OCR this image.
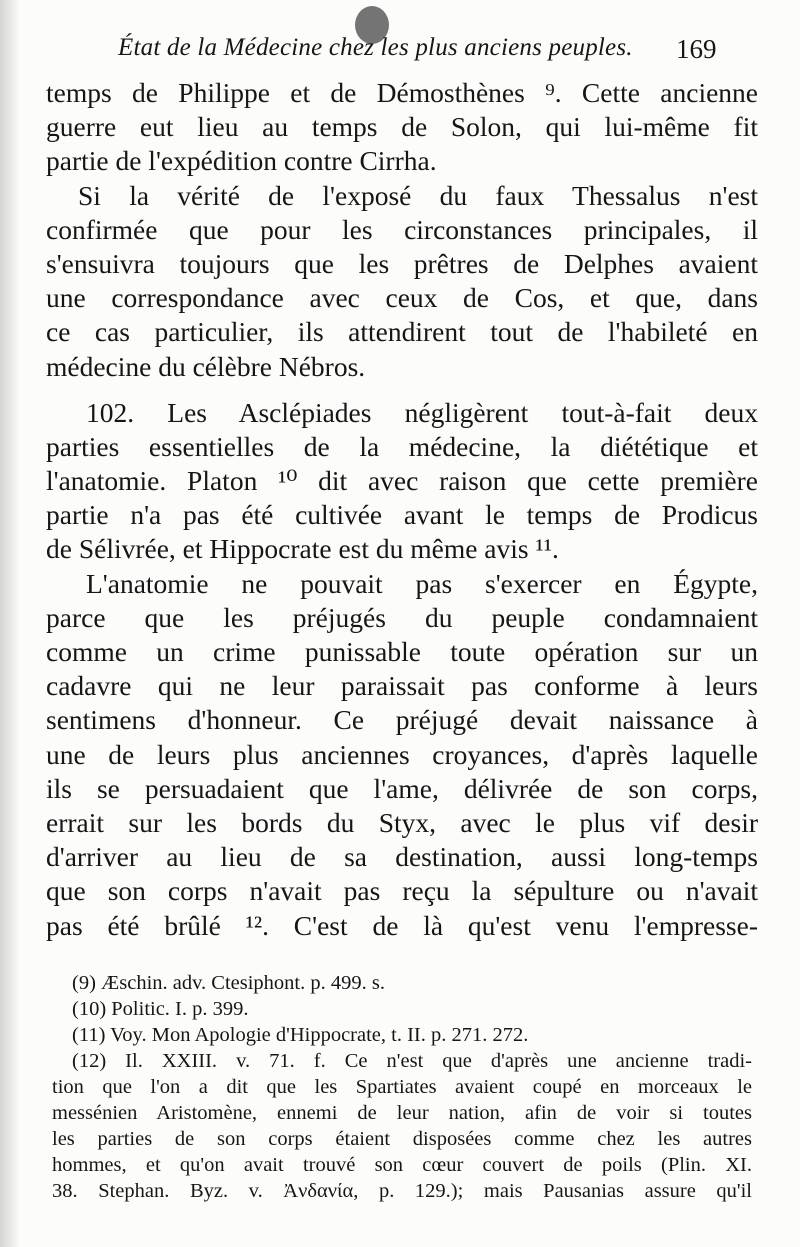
État de la Médecine chez les plus anciens peuples. 169
temps de Philippe et de Démosthènes ⁹. Cette ancienne
guerre eut lieu au temps de Solon, qui lui-même fit
partie de l'expédition contre Cirrha.
Si la vérité de l'exposé du faux Thessalus n'est
confirmée que pour les circonstances principales, il
s'ensuivra toujours que les prêtres de Delphes avaient
une correspondance avec ceux de Cos, et que, dans
ce cas particulier, ils attendirent tout de l'habileté en
médecine du célèbre Nébros.
102. Les Asclépiades négligèrent tout-à-fait deux
parties essentielles de la médecine, la diététique et
l'anatomie. Platon ¹⁰ dit avec raison que cette première
partie n'a pas été cultivée avant le temps de Prodicus
de Sélivrée, et Hippocrate est du même avis ¹¹.
L'anatomie ne pouvait pas s'exercer en Égypte,
parce que les préjugés du peuple condamnaient
comme un crime punissable toute opération sur un
cadavre qui ne leur paraissait pas conforme à leurs
sentimens d'honneur. Ce préjugé devait naissance à
une de leurs plus anciennes croyances, d'après laquelle
ils se persuadaient que l'ame, délivrée de son corps,
errait sur les bords du Styx, avec le plus vif desir
d'arriver au lieu de sa destination, aussi long-temps
que son corps n'avait pas reçu la sépulture ou n'avait
pas été brûlé ¹². C'est de là qu'est venu l'empresse-
(9) Æschin. adv. Ctesiphont. p. 499. s.
(10) Politic. I. p. 399.
(11) Voy. Mon Apologie d'Hippocrate, t. II. p. 271. 272.
(12) Il. XXIII. v. 71. f. Ce n'est que d'après une ancienne tradi-
tion que l'on a dit que les Spartiates avaient coupé en morceaux le
messénien Aristomène, ennemi de leur nation, afin de voir si toutes
les parties de son corps étaient disposées comme chez les autres
hommes, et qu'on avait trouvé son cœur couvert de poils (Plin. XI.
38. Stephan. Byz. v. Ἀνδανία, p. 129.); mais Pausanias assure qu'il
